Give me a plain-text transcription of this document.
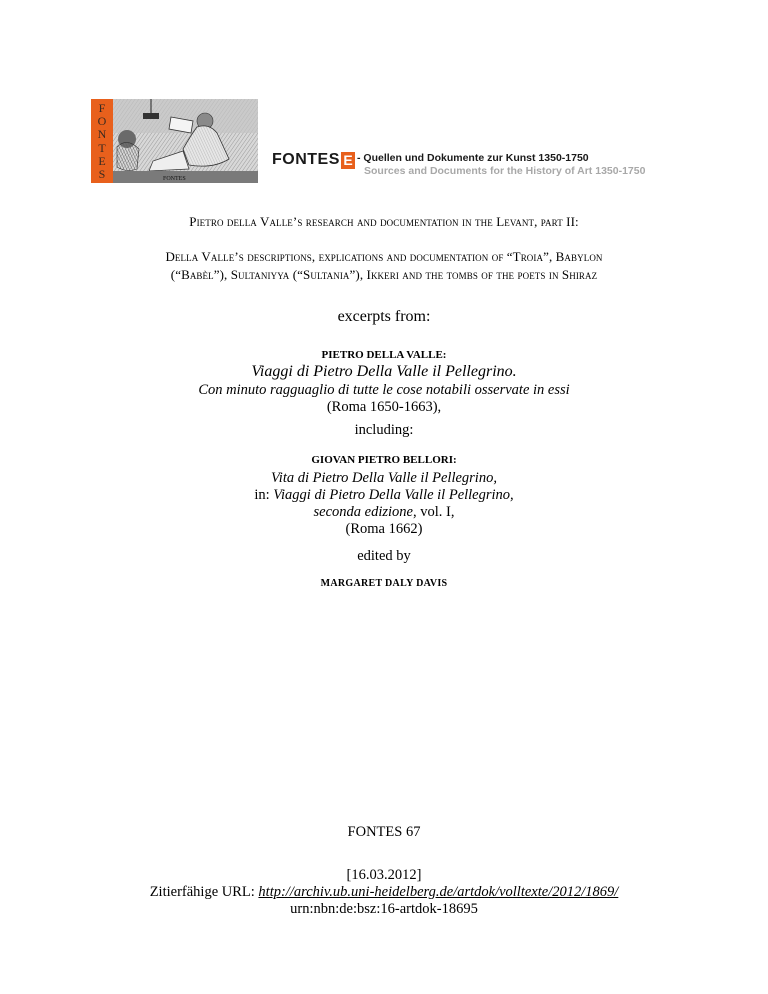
F
O
N
T
E
S	FONTES
FONTES E - Quellen und Dokumente zur Kunst 1350-1750
Sources and Documents for the History of Art 1350-1750
Pietro della Valle’s research and documentation in the Levant, part II:
Della Valle’s descriptions, explications and documentation of “Troia”, Babylon
(“Babèl”), Sultaniyya (“Sultania”), Ikkeri and the tombs of the poets in Shiraz
excerpts from:
PIETRO DELLA VALLE:
Viaggi di Pietro Della Valle il Pellegrino.
Con minuto ragguaglio di tutte le cose notabili osservate in essi
(Roma 1650-1663),
including:
GIOVAN PIETRO BELLORI:
Vita di Pietro Della Valle il Pellegrino,
in: Viaggi di Pietro Della Valle il Pellegrino,
seconda edizione, vol. I,
(Roma 1662)
edited by
MARGARET DALY DAVIS
FONTES 67
[16.03.2012]
Zitierfähige URL: http://archiv.ub.uni-heidelberg.de/artdok/volltexte/2012/1869/
urn:nbn:de:bsz:16-artdok-18695
